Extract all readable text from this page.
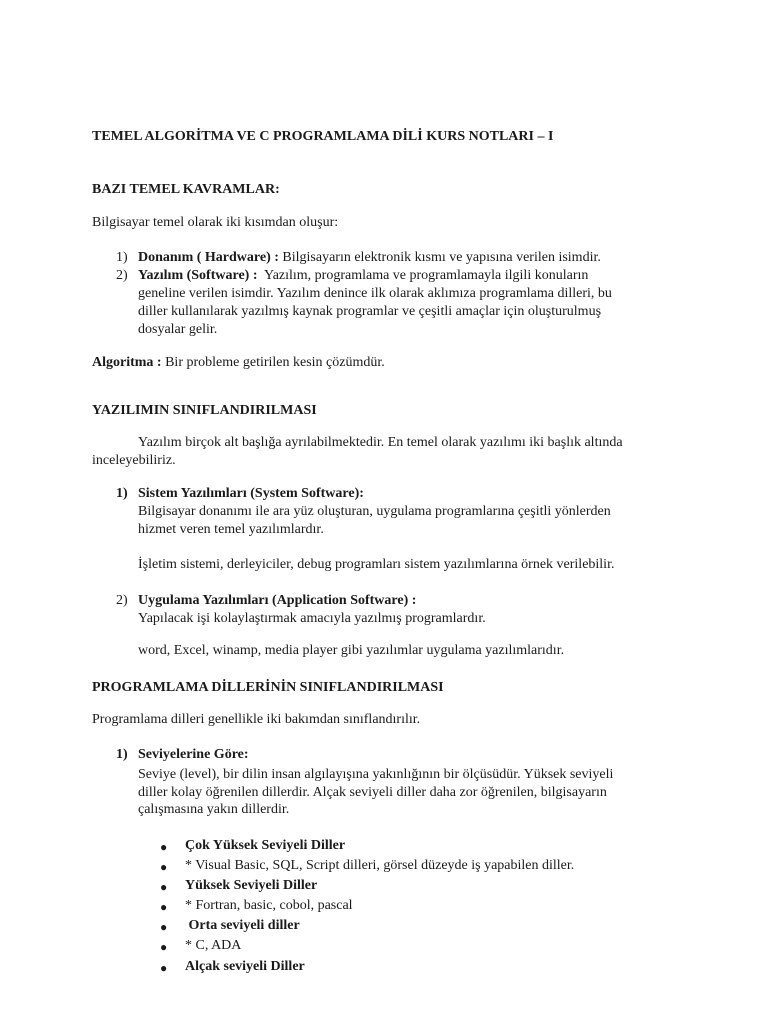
TEMEL ALGORİTMA VE C PROGRAMLAMA DİLİ KURS NOTLARI – I
BAZI TEMEL KAVRAMLAR:
Bilgisayar temel olarak iki kısımdan oluşur:
1) Donanım ( Hardware) : Bilgisayarın elektronik kısmı ve yapısına verilen isimdir.
2) Yazılım (Software) :  Yazılım, programlama ve programlamayla ilgili konuların
geneline verilen isimdir. Yazılım denince ilk olarak aklımıza programlama dilleri, bu
diller kullanılarak yazılmış kaynak programlar ve çeşitli amaçlar için oluşturulmuş
dosyalar gelir.
Algoritma : Bir probleme getirilen kesin çözümdür.
YAZILIMIN SINIFLANDIRILMASI
Yazılım birçok alt başlığa ayrılabilmektedir. En temel olarak yazılımı iki başlık altında
inceleyebiliriz.
1) Sistem Yazılımları (System Software):
Bilgisayar donanımı ile ara yüz oluşturan, uygulama programlarına çeşitli yönlerden
hizmet veren temel yazılımlardır.
İşletim sistemi, derleyiciler, debug programları sistem yazılımlarına örnek verilebilir.
2) Uygulama Yazılımları (Application Software) :
Yapılacak işi kolaylaştırmak amacıyla yazılmış programlardır.
word, Excel, winamp, media player gibi yazılımlar uygulama yazılımlarıdır.
PROGRAMLAMA DİLLERİNİN SINIFLANDIRILMASI
Programlama dilleri genellikle iki bakımdan sınıflandırılır.
1) Seviyelerine Göre:
Seviye (level), bir dilin insan algılayışına yakınlığının bir ölçüsüdür. Yüksek seviyeli
diller kolay öğrenilen dillerdir. Alçak seviyeli diller daha zor öğrenilen, bilgisayarın
çalışmasına yakın dillerdir.
● Çok Yüksek Seviyeli Diller
● * Visual Basic, SQL, Script dilleri, görsel düzeyde iş yapabilen diller.
● Yüksek Seviyeli Diller
● * Fortran, basic, cobol, pascal
● Orta seviyeli diller
● * C, ADA
● Alçak seviyeli Diller
